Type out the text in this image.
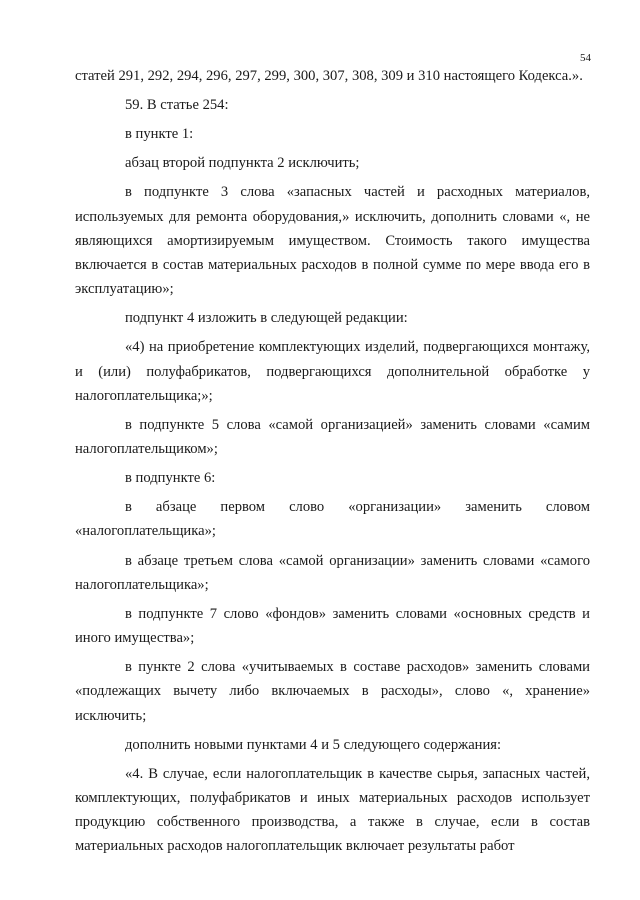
54

статей 291, 292, 294, 296, 297, 299, 300, 307, 308, 309 и 310 настоящего Кодекса.».

59. В статье 254:

в пункте 1:

абзац второй подпункта 2 исключить;

в подпункте 3 слова «запасных частей и расходных материалов, используемых для ремонта оборудования,» исключить, дополнить словами «, не являющихся амортизируемым имуществом. Стоимость такого имущества включается в состав материальных расходов в полной сумме по мере ввода его в эксплуатацию»;

подпункт 4 изложить в следующей редакции:

«4) на приобретение комплектующих изделий, подвергающихся монтажу, и (или) полуфабрикатов, подвергающихся дополнительной обработке у налогоплательщика;»;

в подпункте 5 слова «самой организацией» заменить словами «самим налогоплательщиком»;

в подпункте 6:

в абзаце первом слово «организации» заменить словом «налогоплательщика»;

в абзаце третьем слова «самой организации» заменить словами «самого налогоплательщика»;

в подпункте 7 слово «фондов» заменить словами «основных средств и иного имущества»;

в пункте 2 слова «учитываемых в составе расходов» заменить словами «подлежащих вычету либо включаемых в расходы», слово «, хранение» исключить;

дополнить новыми пунктами 4 и 5 следующего содержания:

«4. В случае, если налогоплательщик в качестве сырья, запасных частей, комплектующих, полуфабрикатов и иных материальных расходов использует продукцию собственного производства, а также в случае, если в состав материальных расходов налогоплательщик включает результаты работ
